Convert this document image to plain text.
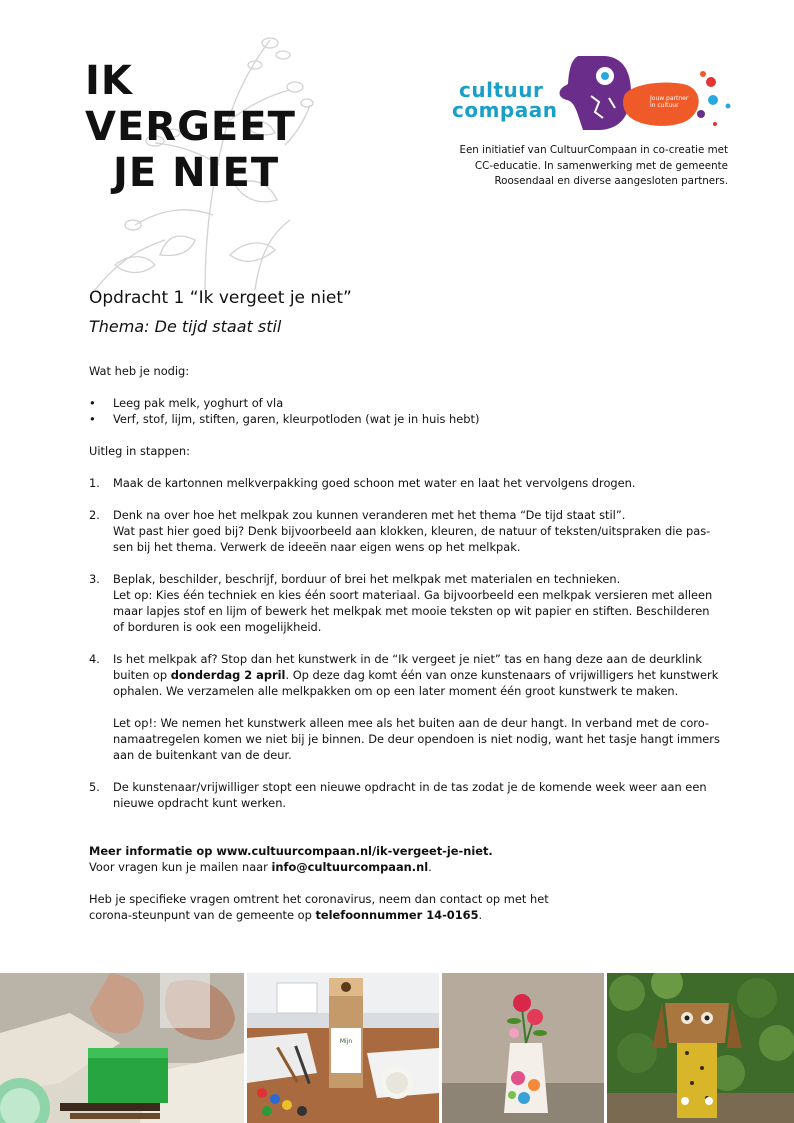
IK
VERGEET
JE NIET
cultuur
compaan	Jouw partner
in cultuur
Een initiatief van CultuurCompaan in co-creatie met
CC-educatie. In samenwerking met de gemeente
Roosendaal en diverse aangesloten partners.
Opdracht 1 “Ik vergeet je niet”
Thema: De tijd staat stil
Wat heb je nodig:
• Leeg pak melk, yoghurt of vla
• Verf, stof, lijm, stiften, garen, kleurpotloden (wat je in huis hebt)
Uitleg in stappen:
1. Maak de kartonnen melkverpakking goed schoon met water en laat het vervolgens drogen.
2. Denk na over hoe het melkpak zou kunnen veranderen met het thema “De tijd staat stil”.
Wat past hier goed bij? Denk bijvoorbeeld aan klokken, kleuren, de natuur of teksten/uitspraken die pas-
sen bij het thema. Verwerk de ideeën naar eigen wens op het melkpak.
3. Beplak, beschilder, beschrijf, borduur of brei het melkpak met materialen en technieken.
Let op: Kies één techniek en kies één soort materiaal. Ga bijvoorbeeld een melkpak versieren met alleen
maar lapjes stof en lijm of bewerk het melkpak met mooie teksten op wit papier en stiften. Beschilderen
of borduren is ook een mogelijkheid.
4. Is het melkpak af? Stop dan het kunstwerk in de “Ik vergeet je niet” tas en hang deze aan de deurklink
buiten op donderdag 2 april. Op deze dag komt één van onze kunstenaars of vrijwilligers het kunstwerk
ophalen. We verzamelen alle melkpakken om op een later moment één groot kunstwerk te maken.
Let op!: We nemen het kunstwerk alleen mee als het buiten aan de deur hangt. In verband met de coro-
namaatregelen komen we niet bij je binnen. De deur opendoen is niet nodig, want het tasje hangt immers
aan de buitenkant van de deur.
5. De kunstenaar/vrijwilliger stopt een nieuwe opdracht in de tas zodat je de komende week weer aan een
nieuwe opdracht kunt werken.
Meer informatie op www.cultuurcompaan.nl/ik-vergeet-je-niet.
Voor vragen kun je mailen naar info@cultuurcompaan.nl.
Heb je specifieke vragen omtrent het coronavirus, neem dan contact op met het
corona-steunpunt van de gemeente op telefoonnummer 14-0165.
Mijn
